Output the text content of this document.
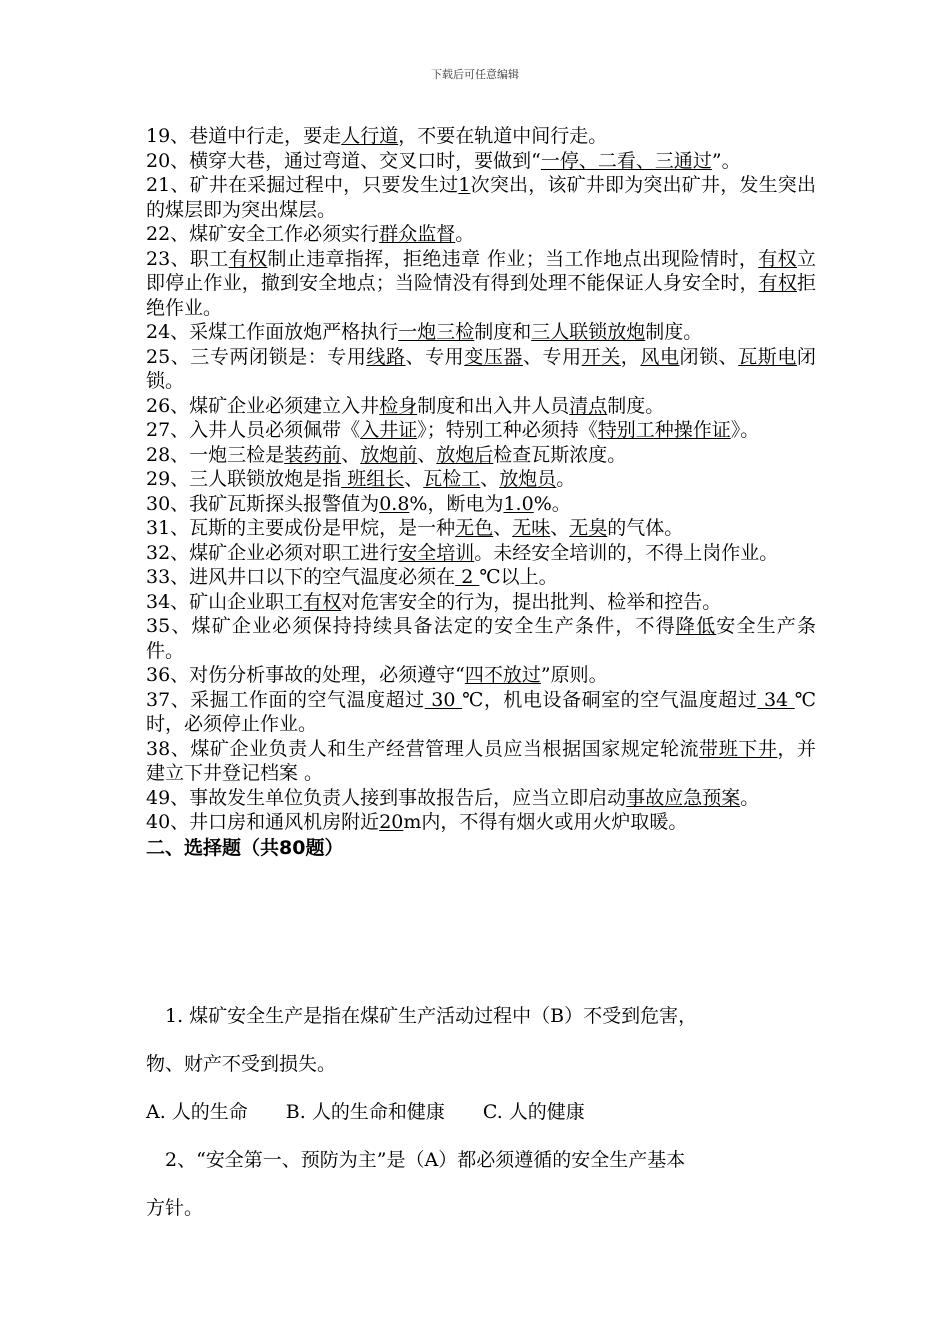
下载后可任意编辑

19、巷道中行走，要走人行道，不要在轨道中间行走。

20、横穿大巷，通过弯道、交叉口时，要做到“一停、二看、三通过”。

21、矿井在采掘过程中，只要发生过1次突出，该矿井即为突出矿井，发生突出的煤层即为突出煤层。

22、煤矿安全工作必须实行群众监督。

23、职工有权制止违章指挥，拒绝违章 作业；当工作地点出现险情时，有权立即停止作业，撤到安全地点；当险情没有得到处理不能保证人身安全时，有权拒绝作业。

24、采煤工作面放炮严格执行一炮三检制度和三人联锁放炮制度。

25、三专两闭锁是：专用线路、专用变压器、专用开关，风电闭锁、瓦斯电闭锁。

26、煤矿企业必须建立入井检身制度和出入井人员清点制度。

27、入井人员必须佩带《入井证》；特别工种必须持《特别工种操作证》。

28、一炮三检是装药前、放炮前、放炮后检查瓦斯浓度。

29、三人联锁放炮是指 班组长、瓦检工、放炮员。

30、我矿瓦斯探头报警值为0.8%，断电为1.0%。

31、瓦斯的主要成份是甲烷，是一种无色、无味、无臭的气体。

32、煤矿企业必须对职工进行安全培训。未经安全培训的，不得上岗作业。

33、进风井口以下的空气温度必须在 2 ℃以上。

34、矿山企业职工有权对危害安全的行为，提出批判、检举和控告。

35、煤矿企业必须保持持续具备法定的安全生产条件，不得降低安全生产条件。

36、对伤分析事故的处理，必须遵守“四不放过”原则。

37、采掘工作面的空气温度超过 30 ℃，机电设备硐室的空气温度超过 34 ℃时，必须停止作业。

38、煤矿企业负责人和生产经营管理人员应当根据国家规定轮流带班下井，并建立下井登记档案 。

49、事故发生单位负责人接到事故报告后，应当立即启动事故应急预案。

40、井口房和通风机房附近20m内，不得有烟火或用火炉取暖。

二、选择题（共80题）

　1. 煤矿安全生产是指在煤矿生产活动过程中（B）不受到危害，

物、财产不受到损失。

A. 人的生命　　B. 人的生命和健康　　C. 人的健康

　2、“安全第一、预防为主”是（A）都必须遵循的安全生产基本

方针。
